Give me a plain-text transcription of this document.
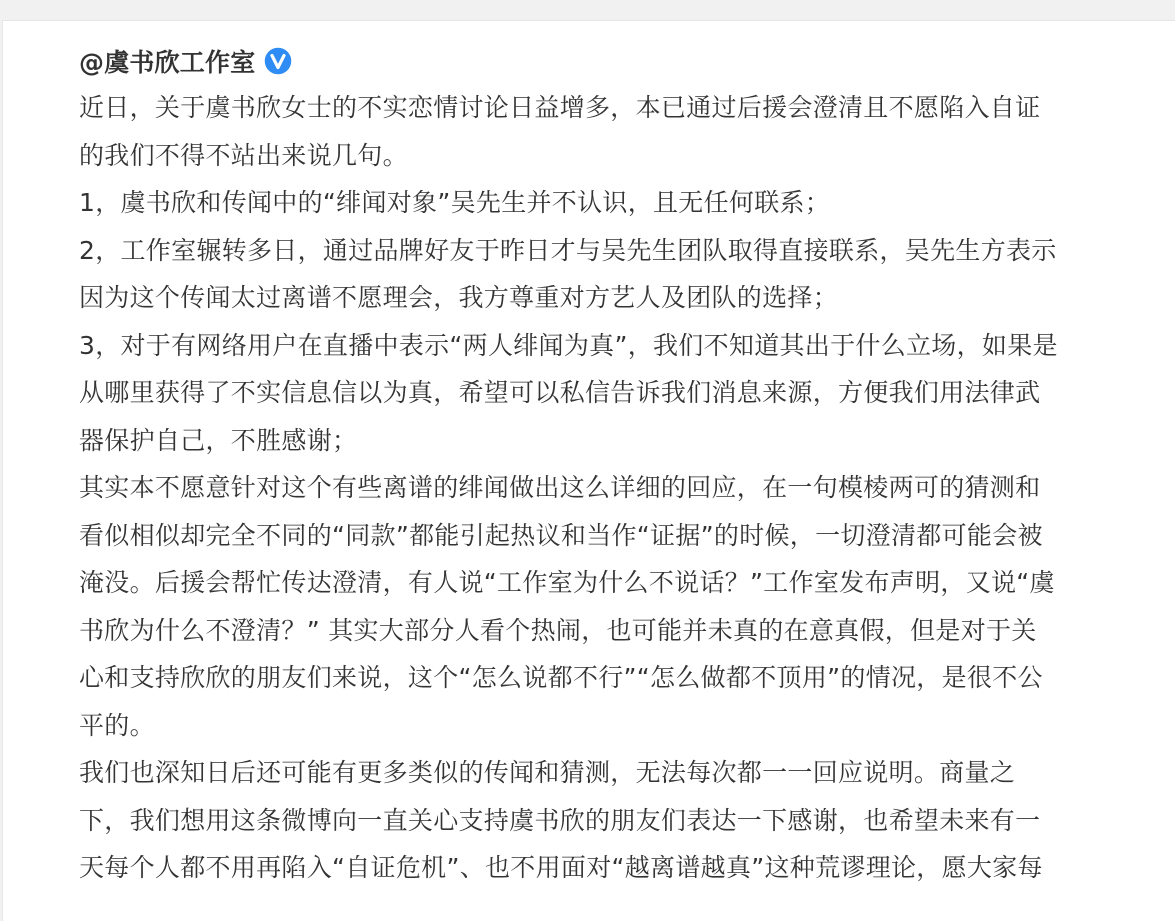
@虞书欣工作室
近日，关于虞书欣女士的不实恋情讨论日益增多，本已通过后援会澄清且不愿陷入自证
的我们不得不站出来说几句。
1，虞书欣和传闻中的“绯闻对象”吴先生并不认识，且无任何联系；
2，工作室辗转多日，通过品牌好友于昨日才与吴先生团队取得直接联系，吴先生方表示
因为这个传闻太过离谱不愿理会，我方尊重对方艺人及团队的选择；
3，对于有网络用户在直播中表示“两人绯闻为真”，我们不知道其出于什么立场，如果是
从哪里获得了不实信息信以为真，希望可以私信告诉我们消息来源，方便我们用法律武
器保护自己，不胜感谢；
其实本不愿意针对这个有些离谱的绯闻做出这么详细的回应，在一句模棱两可的猜测和
看似相似却完全不同的“同款”都能引起热议和当作“证据”的时候，一切澄清都可能会被
淹没。后援会帮忙传达澄清，有人说“工作室为什么不说话？”工作室发布声明，又说“虞
书欣为什么不澄清？” 其实大部分人看个热闹，也可能并未真的在意真假，但是对于关
心和支持欣欣的朋友们来说，这个“怎么说都不行”“怎么做都不顶用”的情况，是很不公
平的。
我们也深知日后还可能有更多类似的传闻和猜测，无法每次都一一回应说明。商量之
下，我们想用这条微博向一直关心支持虞书欣的朋友们表达一下感谢，也希望未来有一
天每个人都不用再陷入“自证危机”、也不用面对“越离谱越真”这种荒谬理论，愿大家每
